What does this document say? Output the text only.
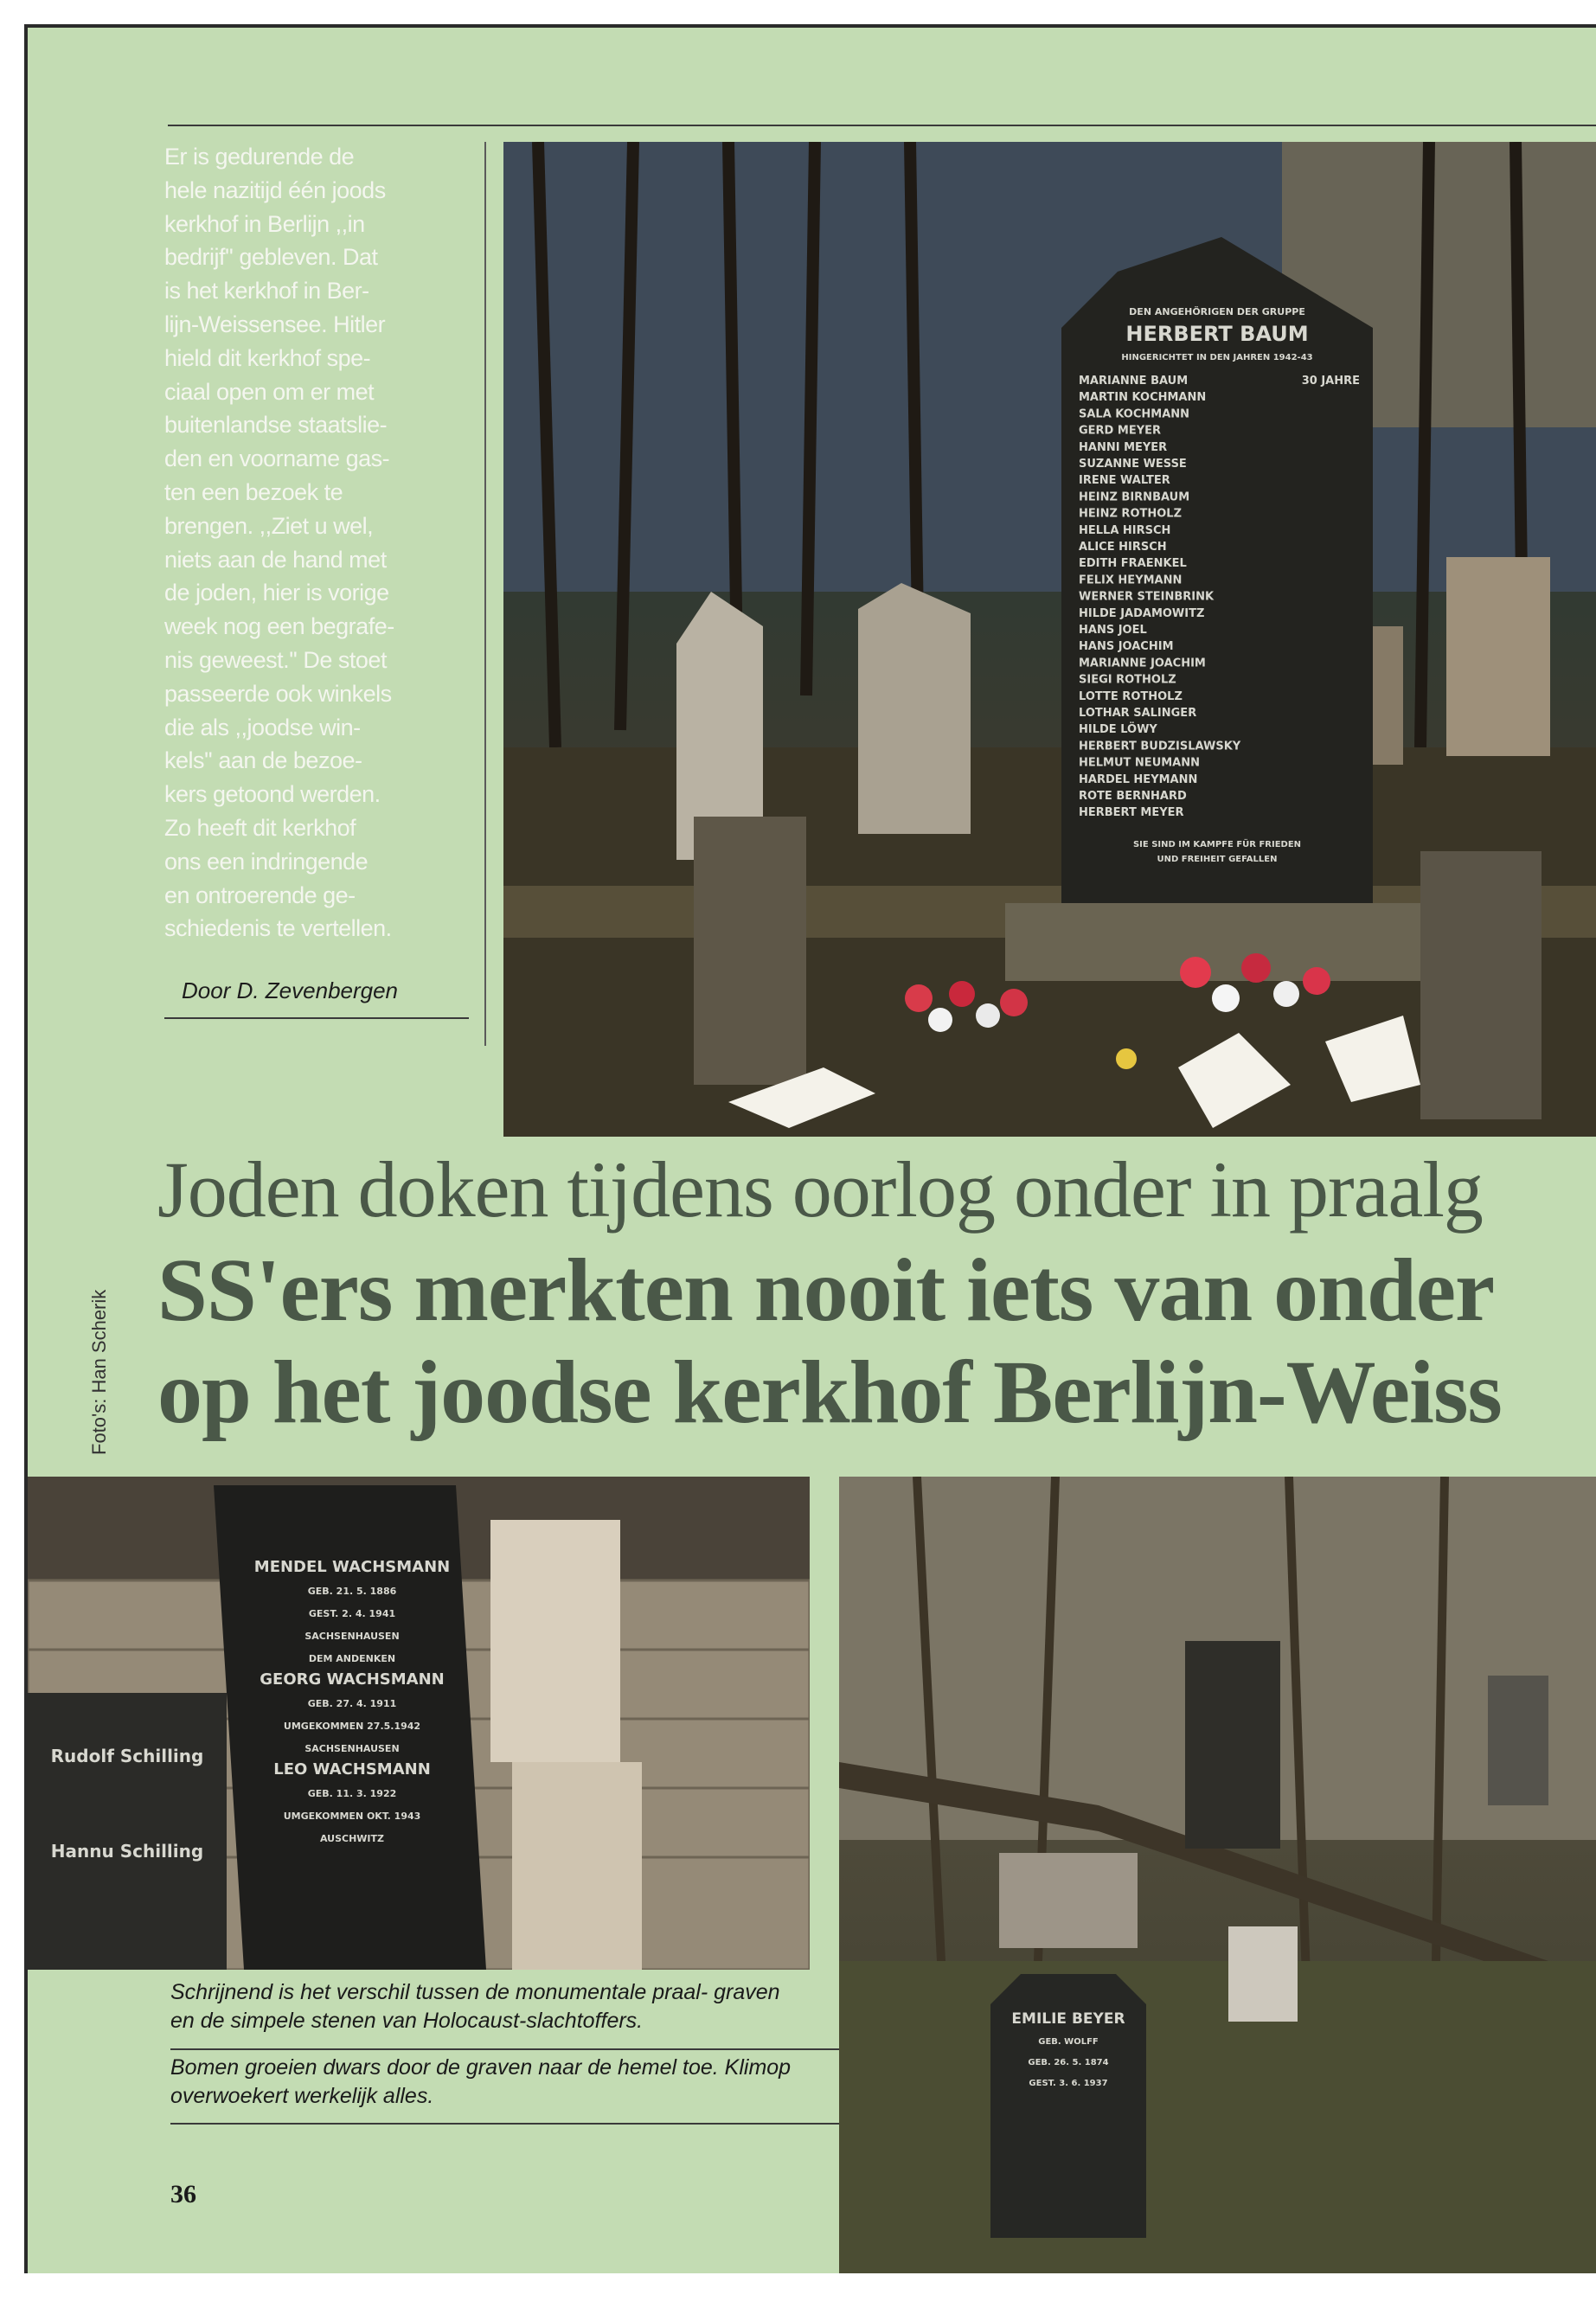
Er is gedurende de
hele nazitijd één joods
kerkhof in Berlijn ,,in
bedrijf'' gebleven. Dat
is het kerkhof in Ber-
lijn-Weissensee. Hitler
hield dit kerkhof spe-
ciaal open om er met
buitenlandse staatslie-
den en voorname gas-
ten een bezoek te
brengen. ,,Ziet u wel,
niets aan de hand met
de joden, hier is vorige
week nog een begrafe-
nis geweest.'' De stoet
passeerde ook winkels
die als ,,joodse win-
kels'' aan de bezoe-
kers getoond werden.
Zo heeft dit kerkhof
ons een indringende
en ontroerende ge-
schiedenis te vertellen.
Door D. Zevenbergen
DEN ANGEHÖRIGEN DER GRUPPE
HERBERT BAUM
HINGERICHTET IN DEN JAHREN 1942-43
30 JAHRE
MARIANNE BAUM
MARTIN KOCHMANN
SALA KOCHMANN
GERD MEYER
HANNI MEYER
SUZANNE WESSE
IRENE WALTER
HEINZ BIRNBAUM
HEINZ ROTHOLZ
HELLA HIRSCH
ALICE HIRSCH
EDITH FRAENKEL
FELIX HEYMANN
WERNER STEINBRINK
HILDE JADAMOWITZ
HANS JOEL
HANS JOACHIM
MARIANNE JOACHIM
SIEGI ROTHOLZ
LOTTE ROTHOLZ
LOTHAR SALINGER
HILDE LÖWY
HERBERT BUDZISLAWSKY
HELMUT NEUMANN
HARDEL HEYMANN
ROTE BERNHARD
HERBERT MEYER
SIE SIND IM KAMPFE FÜR FRIEDEN
UND FREIHEIT GEFALLEN
Joden doken tijdens oorlog onder in praalg
SS'ers merkten nooit iets van onder
op het joodse kerkhof Berlijn-Weiss
Foto's: Han Scherik
MENDEL WACHSMANN
GEB. 21. 5. 1886
GEST. 2. 4. 1941
SACHSENHAUSEN
DEM ANDENKEN
GEORG WACHSMANN
GEB. 27. 4. 1911
UMGEKOMMEN 27.5.1942
SACHSENHAUSEN
LEO WACHSMANN
GEB. 11. 3. 1922
UMGEKOMMEN OKT. 1943
AUSCHWITZ
Rudolf Schilling
Hannu Schilling
EMILIE BEYER
GEB. WOLFF
GEB. 26. 5. 1874
GEST. 3. 6. 1937
Schrijnend is het verschil tussen de monumentale praal- graven en de simpele stenen van Holocaust-slachtoffers.
Bomen groeien dwars door de graven naar de hemel toe. Klimop overwoekert werkelijk alles.
36
